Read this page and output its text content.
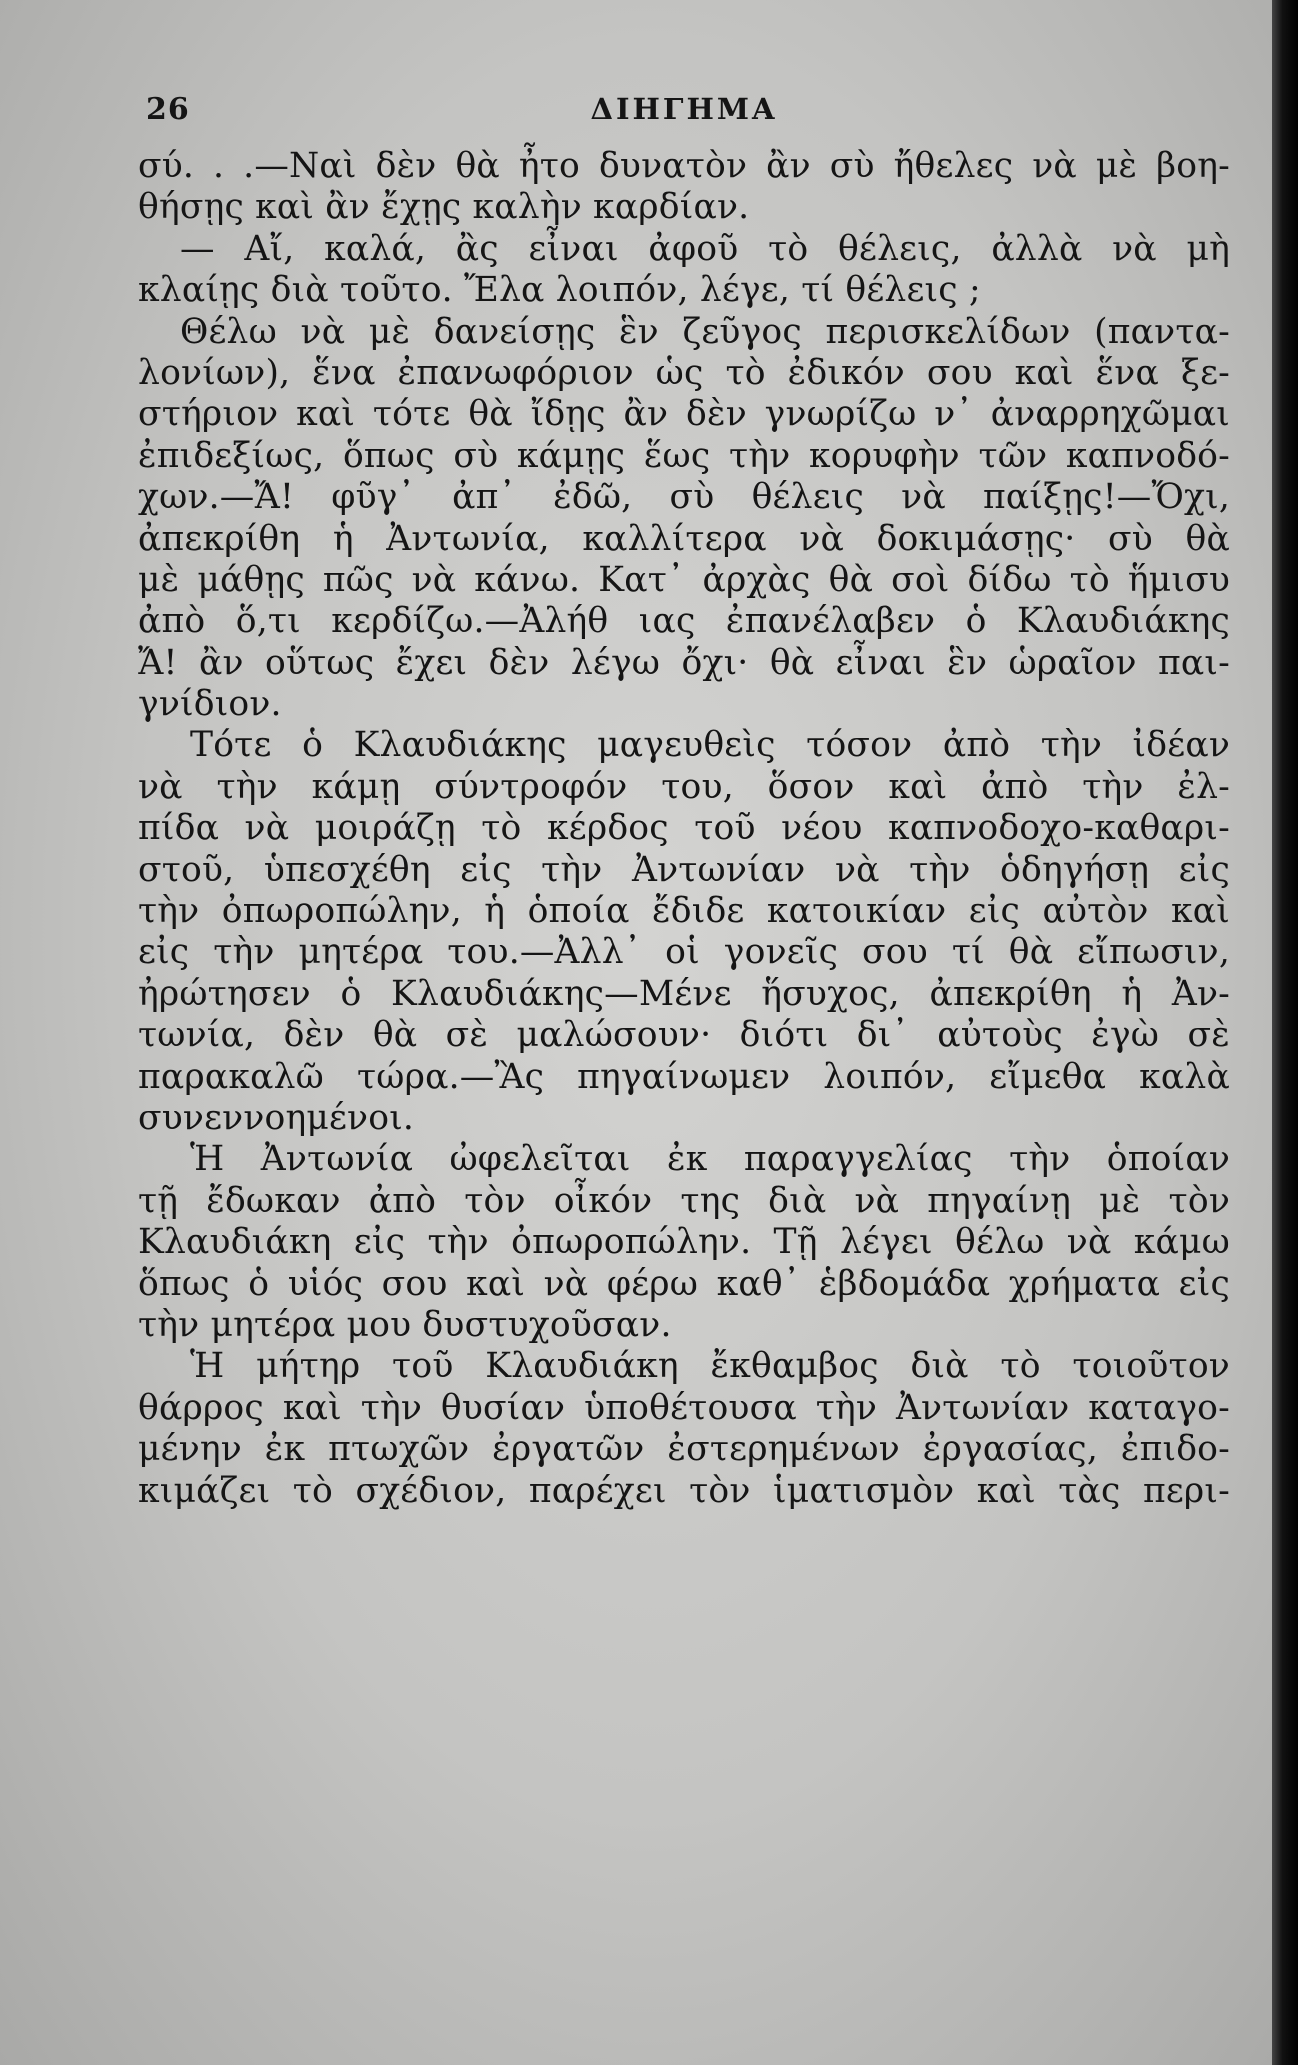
26	ΔΙΗΓΗΜΑ
σύ. . .—Ναὶ δὲν θὰ ἦτο δυνατὸν ἂν σὺ ἤθελες νὰ μὲ βοη-
θήσῃς καὶ ἂν ἔχῃς καλὴν καρδίαν.
— Αἴ, καλά, ἂς εἶναι ἀφοῦ τὸ θέλεις, ἀλλὰ νὰ μὴ
κλαίῃς διὰ τοῦτο. Ἔλα λοιπόν, λέγε, τί θέλεις ;
Θέλω νὰ μὲ δανείσῃς ἓν ζεῦγος περισκελίδων (παντα-
λονίων), ἕνα ἐπανωφόριον ὡς τὸ ἐδικόν σου καὶ ἕνα ξε-
στήριον καὶ τότε θὰ ἴδῃς ἂν δὲν γνωρίζω ν᾽ ἀναρρηχῶμαι
ἐπιδεξίως, ὅπως σὺ κάμῃς ἕως τὴν κορυφὴν τῶν καπνοδό-
χων.—Ἄ! φῦγ᾽ ἀπ᾽ ἐδῶ, σὺ θέλεις νὰ παίξῃς!—Ὄχι,
ἀπεκρίθη ἡ Ἀντωνία, καλλίτερα νὰ δοκιμάσῃς· σὺ θὰ
μὲ μάθῃς πῶς νὰ κάνω. Κατ᾽ ἀρχὰς θὰ σοὶ δίδω τὸ ἥμισυ
ἀπὸ ὅ,τι κερδίζω.—Ἀλήθ ιας ἐπανέλαβεν ὁ Κλαυδιάκης
Ἄ! ἂν οὕτως ἔχει δὲν λέγω ὄχι· θὰ εἶναι ἓν ὡραῖον παι-
γνίδιον.
Τότε ὁ Κλαυδιάκης μαγευθεὶς τόσον ἀπὸ τὴν ἰδέαν
νὰ τὴν κάμῃ σύντροφόν του, ὅσον καὶ ἀπὸ τὴν ἐλ-
πίδα νὰ μοιράζῃ τὸ κέρδος τοῦ νέου καπνοδοχο-καθαρι-
στοῦ, ὑπεσχέθη εἰς τὴν Ἀντωνίαν νὰ τὴν ὁδηγήσῃ εἰς
τὴν ὀπωροπώλην, ἡ ὁποία ἔδιδε κατοικίαν εἰς αὐτὸν καὶ
εἰς τὴν μητέρα του.—Ἀλλ᾽ οἱ γονεῖς σου τί θὰ εἴπωσιν,
ἠρώτησεν ὁ Κλαυδιάκης—Μένε ἥσυχος, ἀπεκρίθη ἡ Ἀν-
τωνία, δὲν θὰ σὲ μαλώσουν· διότι δι᾽ αὐτοὺς ἐγὼ σὲ
παρακαλῶ τώρα.—Ἂς πηγαίνωμεν λοιπόν, εἴμεθα καλὰ
συνεννοημένοι.
Ἡ Ἀντωνία ὠφελεῖται ἐκ παραγγελίας τὴν ὁποίαν
τῇ ἔδωκαν ἀπὸ τὸν οἶκόν της διὰ νὰ πηγαίνῃ μὲ τὸν
Κλαυδιάκη εἰς τὴν ὀπωροπώλην. Τῇ λέγει θέλω νὰ κάμω
ὅπως ὁ υἱός σου καὶ νὰ φέρω καθ᾽ ἑβδομάδα χρήματα εἰς
τὴν μητέρα μου δυστυχοῦσαν.
Ἡ μήτηρ τοῦ Κλαυδιάκη ἔκθαμβος διὰ τὸ τοιοῦτον
θάρρος καὶ τὴν θυσίαν ὑποθέτουσα τὴν Ἀντωνίαν καταγο-
μένην ἐκ πτωχῶν ἐργατῶν ἐστερημένων ἐργασίας, ἐπιδο-
κιμάζει τὸ σχέδιον, παρέχει τὸν ἱματισμὸν καὶ τὰς περι-
